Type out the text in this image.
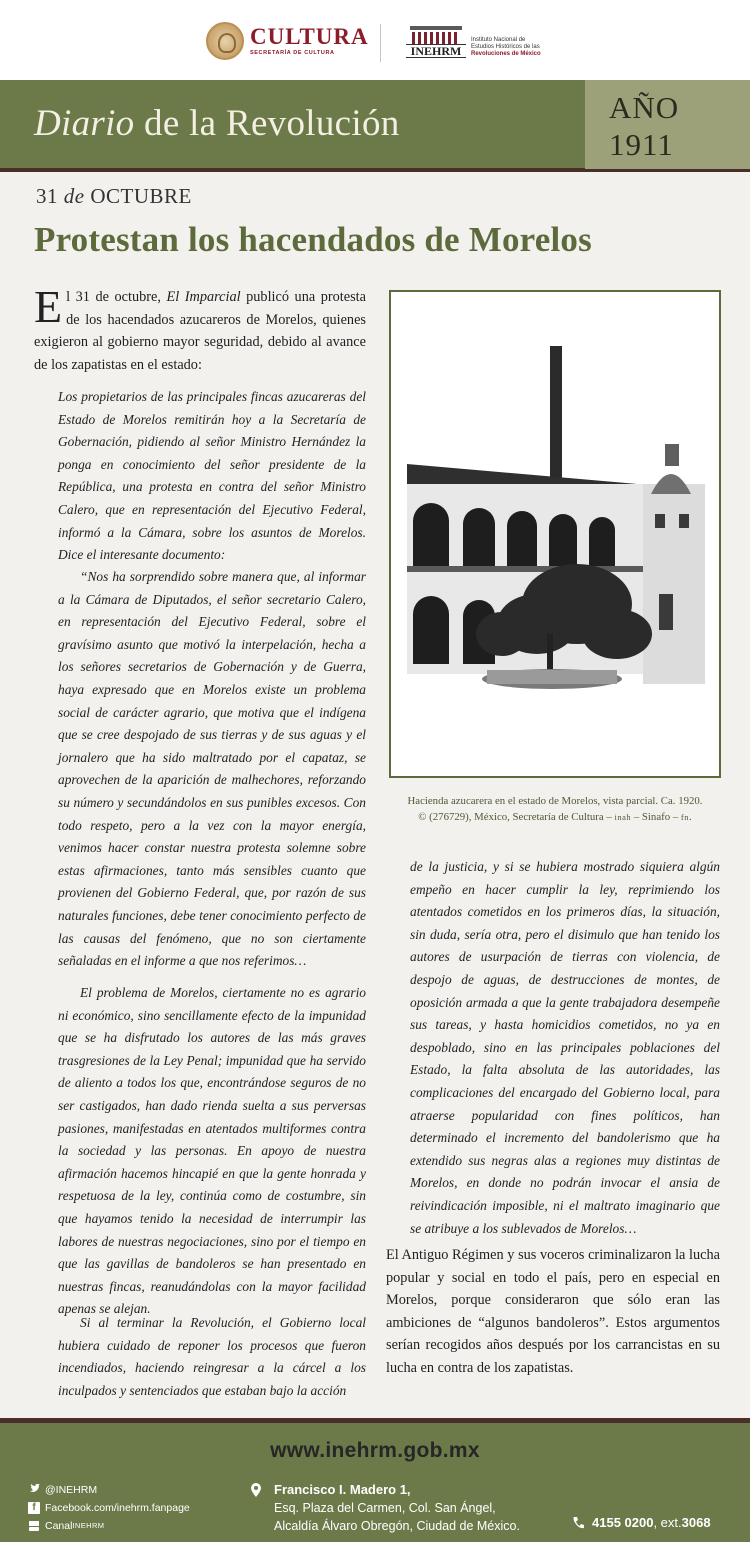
CULTURA
SECRETARÍA DE CULTURA	INEHRM
Instituto Nacional de
Estudios Históricos de las
Revoluciones de México
Diario de la Revolución	AÑO
1911
31 de OCTUBRE
Protestan los hacendados de Morelos
El 31 de octubre, El Imparcial publicó una protesta de los hacendados azucareros de Morelos, quienes exigieron al gobierno mayor seguridad, debido al avance de los zapatistas en el estado:

Los propietarios de las principales fincas azucareras del Estado de Morelos remitirán hoy a la Secretaría de Gobernación, pidiendo al señor Ministro Hernández la ponga en conocimiento del señor presidente de la República, una protesta en contra del señor Ministro Calero, que en representación del Ejecutivo Federal, informó a la Cámara, sobre los asuntos de Morelos. Dice el interesante documento:

“Nos ha sorprendido sobre manera que, al informar a la Cámara de Diputados, el señor secretario Calero, en representación del Ejecutivo Federal, sobre el gravísimo asunto que motivó la interpelación, hecha a los señores secretarios de Gobernación y de Guerra, haya expresado que en Morelos existe un problema social de carácter agrario, que motiva que el indígena que se cree despojado de sus tierras y de sus aguas y el jornalero que ha sido maltratado por el capataz, se aprovechen de la aparición de malhechores, reforzando su número y secundándolos en sus punibles excesos. Con todo respeto, pero a la vez con la mayor energía, venimos hacer constar nuestra protesta solemne sobre estas afirmaciones, tanto más sensibles cuanto que provienen del Gobierno Federal, que, por razón de sus naturales funciones, debe tener conocimiento perfecto de las causas del fenómeno, que no son ciertamente señaladas en el informe a que nos referimos…

El problema de Morelos, ciertamente no es agrario ni económico, sino sencillamente efecto de la impunidad que se ha disfrutado los autores de las más graves trasgresiones de la Ley Penal; impunidad que ha servido de aliento a todos los que, encontrándose seguros de no ser castigados, han dado rienda suelta a sus perversas pasiones, manifestadas en atentados multiformes contra la sociedad y las personas. En apoyo de nuestra afirmación hacemos hincapié en que la gente honrada y respetuosa de la ley, continúa como de costumbre, sin que hayamos tenido la necesidad de interrumpir las labores de nuestras negociaciones, sino por el tiempo en que las gavillas de bandoleros se han presentado en nuestras fincas, reanudándolas con la mayor facilidad apenas se alejan.

Si al terminar la Revolución, el Gobierno local hubiera cuidado de reponer los procesos que fueron incendiados, haciendo reingresar a la cárcel a los inculpados y sentenciados que estaban bajo la acción

Hacienda azucarera en el estado de Morelos, vista parcial. Ca. 1920.
© (276729), México, Secretaría de Cultura – inah – Sinafo – fn.
de la justicia, y si se hubiera mostrado siquiera algún empeño en hacer cumplir la ley, reprimiendo los atentados cometidos en los primeros días, la situación, sin duda, sería otra, pero el disimulo que han tenido los autores de usurpación de tierras con violencia, de despojo de aguas, de destrucciones de montes, de oposición armada a que la gente trabajadora desempeñe sus tareas, y hasta homicidios cometidos, no ya en despoblado, sino en las principales poblaciones del Estado, la falta absoluta de las autoridades, las complicaciones del encargado del Gobierno local, para atraerse popularidad con fines políticos, han determinado el incremento del bandolerismo que ha extendido sus negras alas a regiones muy distintas de Morelos, en donde no podrán invocar el ansia de reivindicación imposible, ni el maltrato imaginario que se atribuye a los sublevados de Morelos…
El Antiguo Régimen y sus voceros criminalizaron la lucha popular y social en todo el país, pero en especial en Morelos, porque consideraron que sólo eran las ambiciones de “algunos bandoleros”. Estos argumentos serían recogidos años después por los carrancistas en su lucha en contra de los zapatistas.
www.inehrm.gob.mx
@INEHRM
f Facebook.com/inehrm.fanpage
Canal INEHRM
Francisco I. Madero 1,
Esq. Plaza del Carmen, Col. San Ángel,
Alcaldía Álvaro Obregón, Ciudad de México.	4155 0200 , ext. 3068
